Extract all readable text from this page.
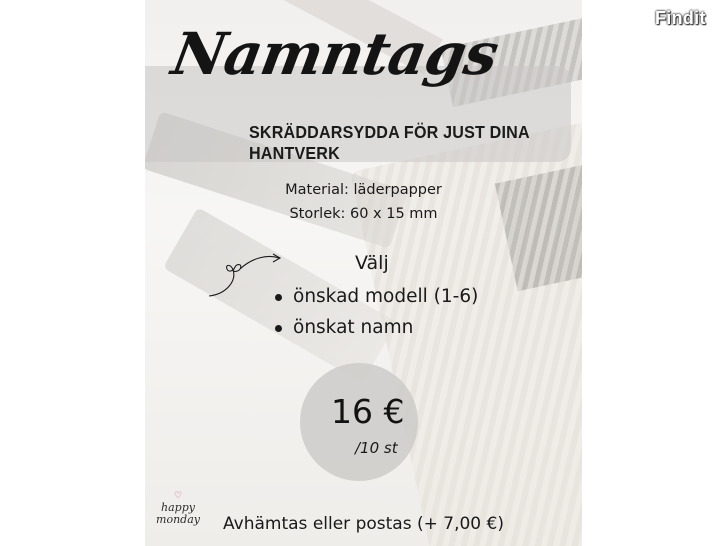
Namntags
SKRÄDDARSYDDA FÖR JUST DINA HANTVERK
Material: läderpapper
Storlek: 60 x 15 mm
Välj
önskad modell (1-6)
önskat namn
16 €
/10 st
♡
happy
monday	Avhämtas eller postas (+ 7,00 €)
Findit
